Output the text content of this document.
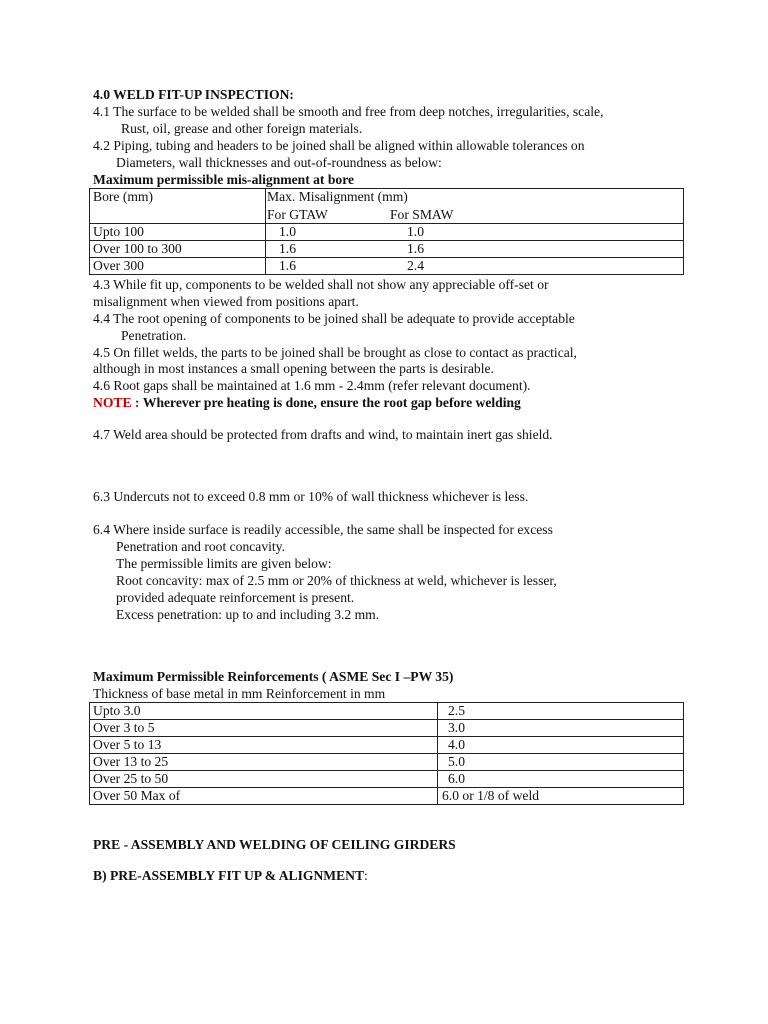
4.0 WELD FIT-UP INSPECTION:
4.1 The surface to be welded shall be smooth and free from deep notches, irregularities, scale,
Rust, oil, grease and other foreign materials.
4.2 Piping, tubing and headers to be joined shall be aligned within allowable tolerances on
Diameters, wall thicknesses and out-of-roundness as below:
Maximum permissible mis-alignment at bore
Bore (mm)	Max. Misalignment (mm)
For GTAW For SMAW

Upto 100	1.0 1.0
Over 100 to 300	1.6 1.6
Over 300	1.6 2.4
4.3 While fit up, components to be welded shall not show any appreciable off-set or
misalignment when viewed from positions apart.
4.4 The root opening of components to be joined shall be adequate to provide acceptable
Penetration.
4.5 On fillet welds, the parts to be joined shall be brought as close to contact as practical,
although in most instances a small opening between the parts is desirable.
4.6 Root gaps shall be maintained at 1.6 mm - 2.4mm (refer relevant document).
NOTE : Wherever pre heating is done, ensure the root gap before welding
4.7 Weld area should be protected from drafts and wind, to maintain inert gas shield.
6.3 Undercuts not to exceed 0.8 mm or 10% of wall thickness whichever is less.
6.4 Where inside surface is readily accessible, the same shall be inspected for excess
Penetration and root concavity.
The permissible limits are given below:
Root concavity: max of 2.5 mm or 20% of thickness at weld, whichever is lesser,
provided adequate reinforcement is present.
Excess penetration: up to and including 3.2 mm.
Maximum Permissible Reinforcements ( ASME Sec I –PW 35)
Thickness of base metal in mm Reinforcement in mm
Upto 3.0	2.5
Over 3 to 5	3.0
Over 5 to 13	4.0
Over 13 to 25	5.0
Over 25 to 50	6.0
Over 50 Max of	6.0 or 1/8 of weld
PRE - ASSEMBLY AND WELDING OF CEILING GIRDERS
B) PRE-ASSEMBLY FIT UP & ALIGNMENT:
